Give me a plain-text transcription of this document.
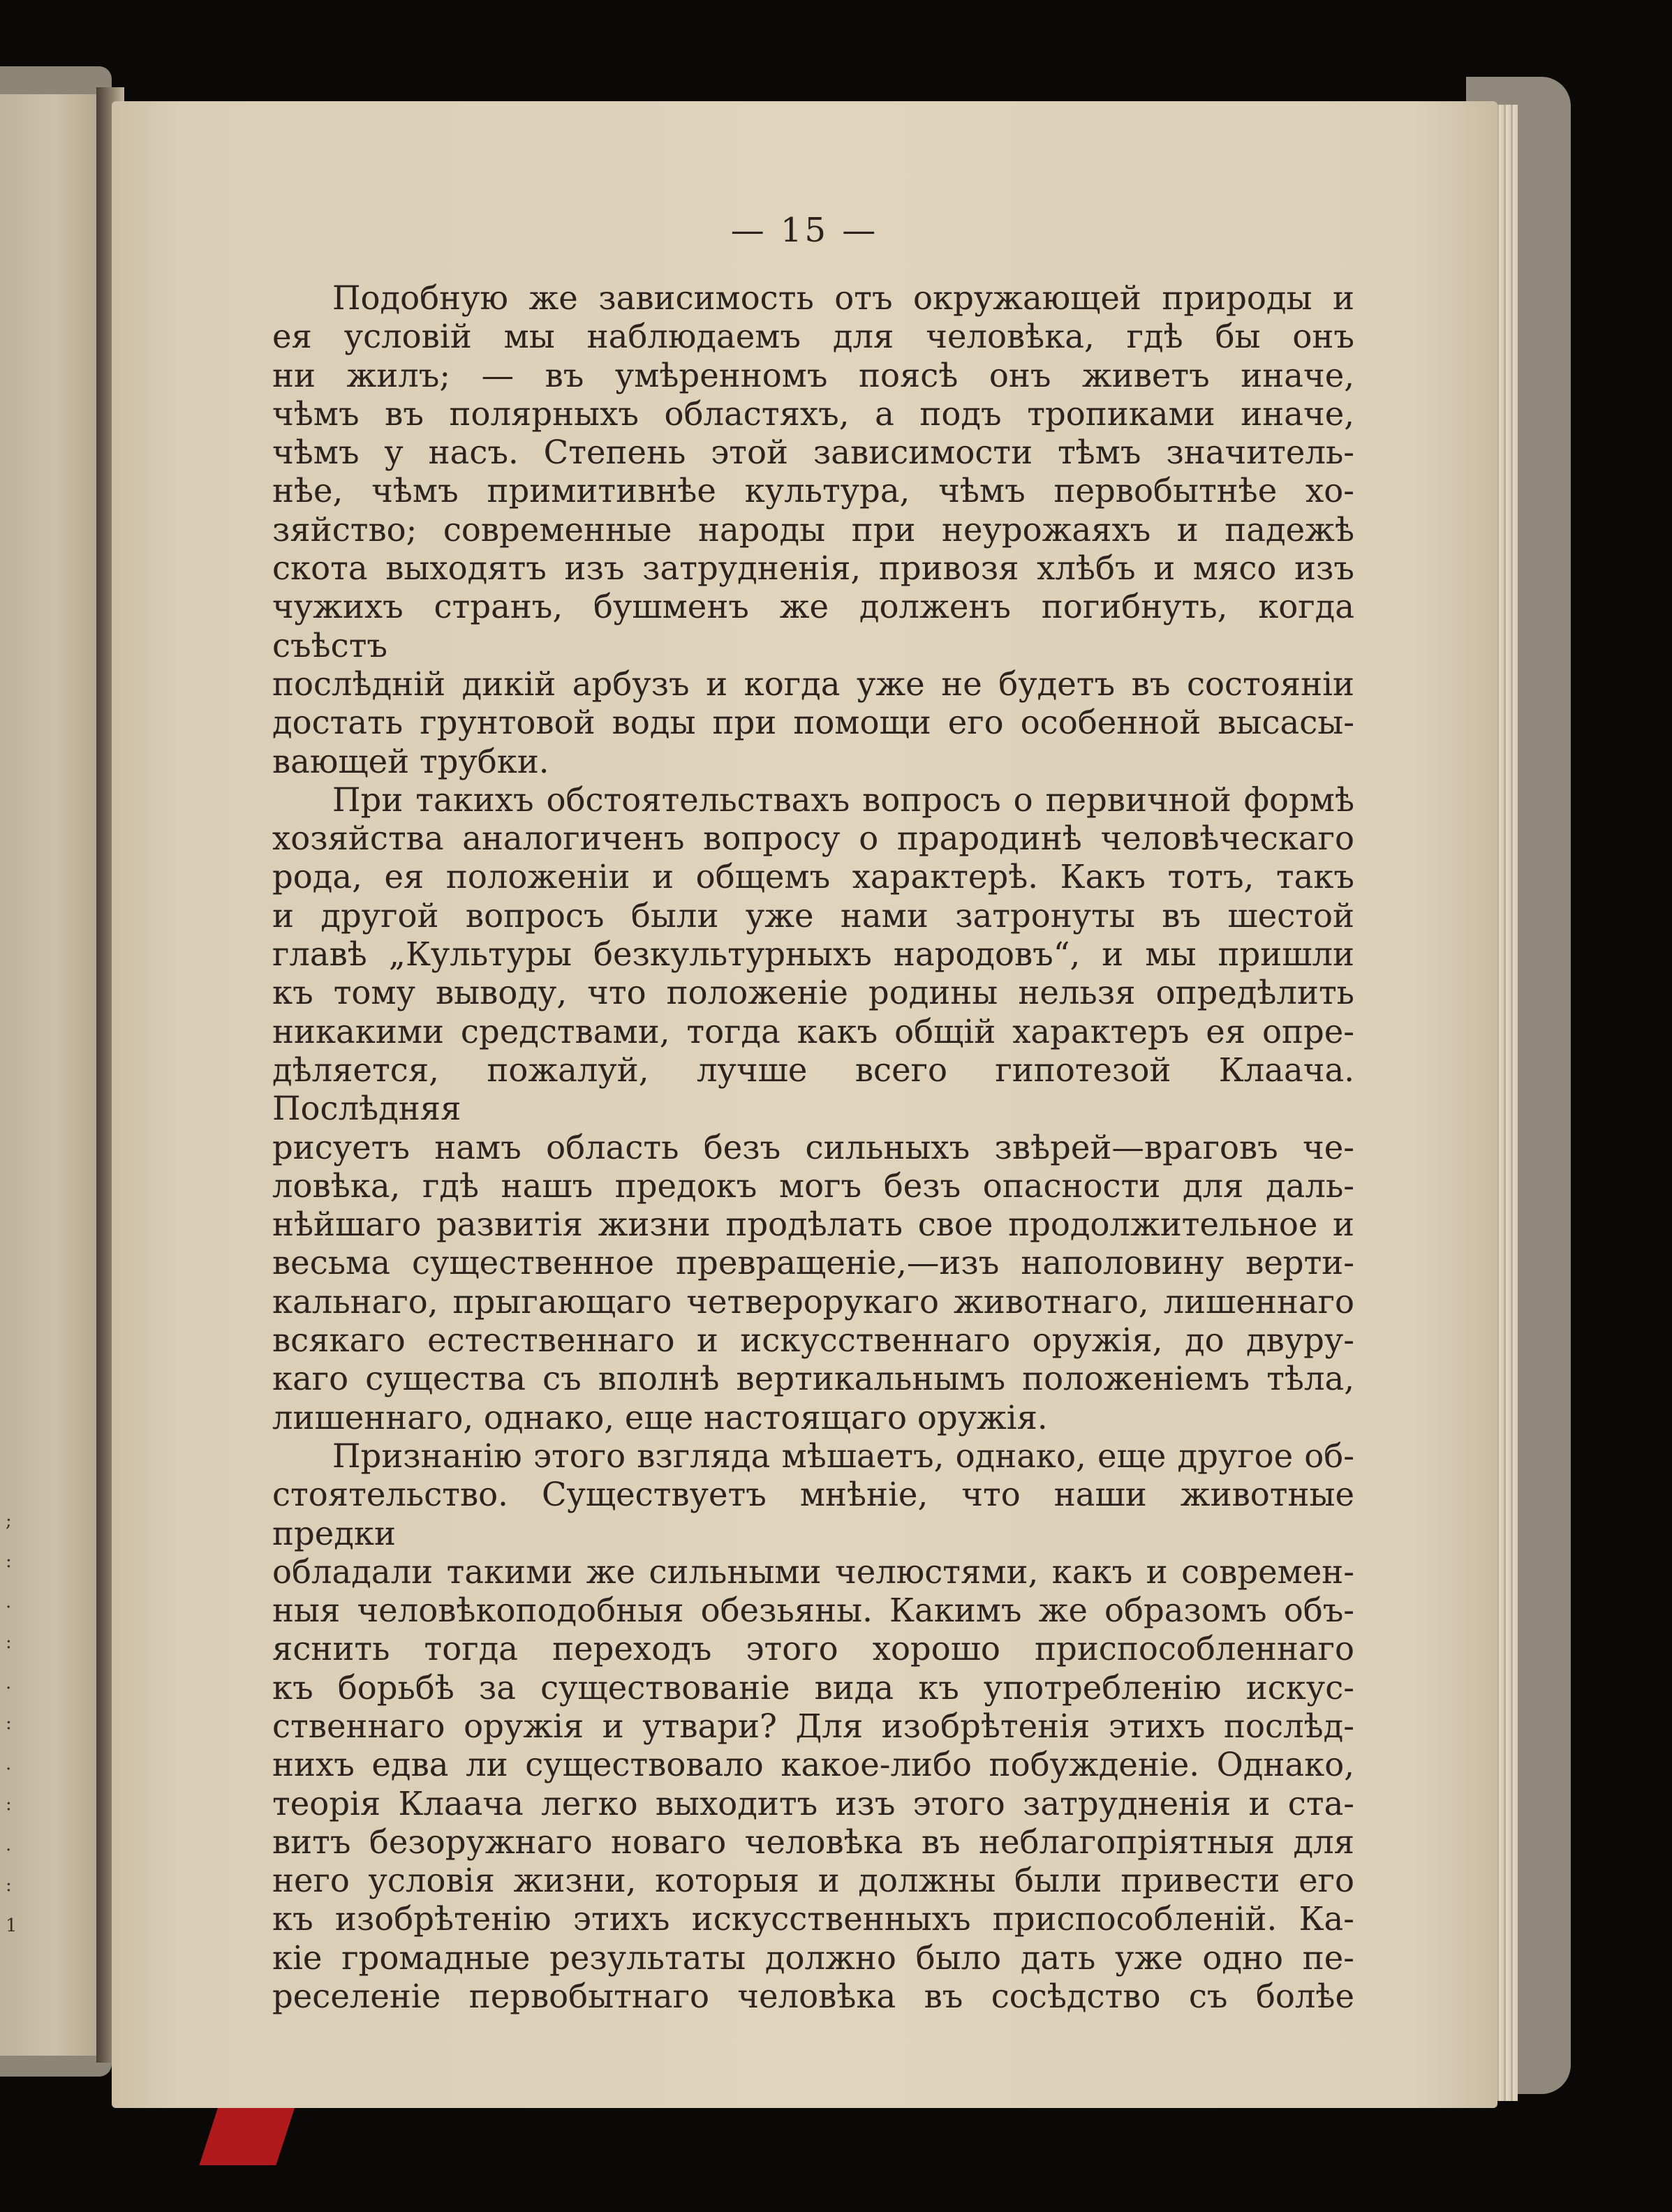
;
:
.
:
.
:
.
:
.
:
1
— 15 —

Подобную же зависимость отъ окружающей природы и

ея условій мы наблюдаемъ для человѣка, гдѣ бы онъ

ни жилъ; — въ умѣренномъ поясѣ онъ живетъ иначе,

чѣмъ въ полярныхъ областяхъ, а подъ тропиками иначе,

чѣмъ у насъ. Степень этой зависимости тѣмъ значитель-

нѣе, чѣмъ примитивнѣе культура, чѣмъ первобытнѣе хо-

зяйство; современные народы при неурожаяхъ и падежѣ

скота выходятъ изъ затрудненія, привозя хлѣбъ и мясо изъ

чужихъ странъ, бушменъ же долженъ погибнуть, когда съѣстъ

послѣдній дикій арбузъ и когда уже не будетъ въ состояніи

достать грунтовой воды при помощи его особенной высасы-

вающей трубки.

При такихъ обстоятельствахъ вопросъ о первичной формѣ

хозяйства аналогиченъ вопросу о прародинѣ человѣческаго

рода, ея положеніи и общемъ характерѣ. Какъ тотъ, такъ

и другой вопросъ были уже нами затронуты въ шестой

главѣ „Культуры безкультурныхъ народовъ“, и мы пришли

къ тому выводу, что положеніе родины нельзя опредѣлить

никакими средствами, тогда какъ общій характеръ ея опре-

дѣляется, пожалуй, лучше всего гипотезой Клаача. Послѣдняя

рисуетъ намъ область безъ сильныхъ звѣрей—враговъ че-

ловѣка, гдѣ нашъ предокъ могъ безъ опасности для даль-

нѣйшаго развитія жизни продѣлать свое продолжительное и

весьма существенное превращеніе,—изъ наполовину верти-

кальнаго, прыгающаго четверорукаго животнаго, лишеннаго

всякаго естественнаго и искусственнаго оружія, до двуру-

каго существа съ вполнѣ вертикальнымъ положеніемъ тѣла,

лишеннаго, однако, еще настоящаго оружія.

Признанію этого взгляда мѣшаетъ, однако, еще другое об-

стоятельство. Существуетъ мнѣніе, что наши животные предки

обладали такими же сильными челюстями, какъ и современ-

ныя человѣкоподобныя обезьяны. Какимъ же образомъ объ-

яснить тогда переходъ этого хорошо приспособленнаго

къ борьбѣ за существованіе вида къ употребленію искус-

ственнаго оружія и утвари? Для изобрѣтенія этихъ послѣд-

нихъ едва ли существовало какое-либо побужденіе. Однако,

теорія Клаача легко выходитъ изъ этого затрудненія и ста-

витъ безоружнаго новаго человѣка въ неблагопріятныя для

него условія жизни, которыя и должны были привести его

къ изобрѣтенію этихъ искусственныхъ приспособленій. Ка-

кіе громадные результаты должно было дать уже одно пе-

реселеніе первобытнаго человѣка въ сосѣдство съ болѣе
